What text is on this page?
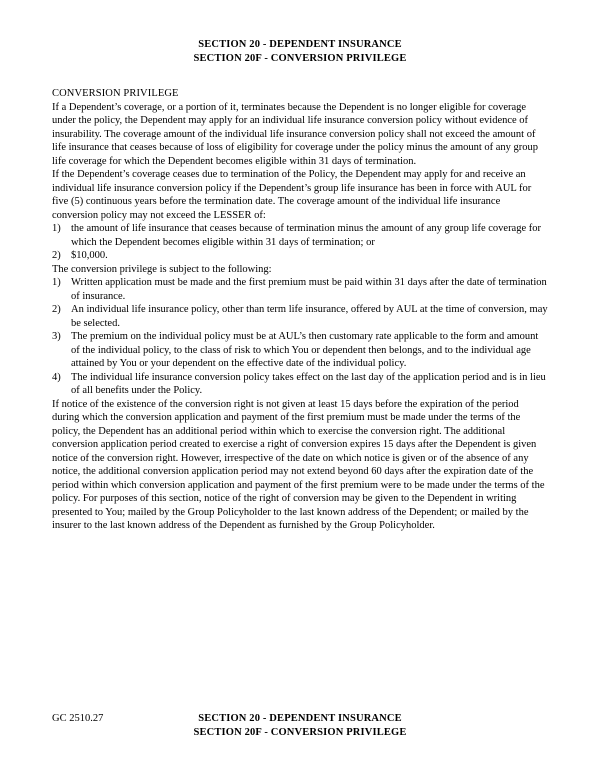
SECTION 20 - DEPENDENT INSURANCE
SECTION 20F - CONVERSION PRIVILEGE
CONVERSION PRIVILEGE

If a Dependent’s coverage, or a portion of it, terminates because the Dependent is no longer eligible for coverage under the policy, the Dependent may apply for an individual life insurance conversion policy without evidence of insurability. The coverage amount of the individual life insurance conversion policy shall not exceed the amount of life insurance that ceases because of loss of eligibility for coverage under the policy minus the amount of any group life coverage for which the Dependent becomes eligible within 31 days of termination.

If the Dependent’s coverage ceases due to termination of the Policy, the Dependent may apply for and receive an individual life insurance conversion policy if the Dependent’s group life insurance has been in force with AUL for five (5) continuous years before the termination date. The coverage amount of the individual life insurance conversion policy may not exceed the LESSER of:

1) the amount of life insurance that ceases because of termination minus the amount of any group life coverage for which the Dependent becomes eligible within 31 days of termination; or
2) $10,000.

The conversion privilege is subject to the following:

1) Written application must be made and the first premium must be paid within 31 days after the date of termination of insurance.
2) An individual life insurance policy, other than term life insurance, offered by AUL at the time of conversion, may be selected.
3) The premium on the individual policy must be at AUL’s then customary rate applicable to the form and amount of the individual policy, to the class of risk to which You or dependent then belongs, and to the individual age attained by You or your dependent on the effective date of the individual policy.
4) The individual life insurance conversion policy takes effect on the last day of the application period and is in lieu of all benefits under the Policy.

If notice of the existence of the conversion right is not given at least 15 days before the expiration of the period during which the conversion application and payment of the first premium must be made under the terms of the policy, the Dependent has an additional period within which to exercise the conversion right. The additional conversion application period created to exercise a right of conversion expires 15 days after the Dependent is given notice of the conversion right. However, irrespective of the date on which notice is given or of the absence of any notice, the additional conversion application period may not extend beyond 60 days after the expiration date of the period within which conversion application and payment of the first premium were to be made under the terms of the policy. For purposes of this section, notice of the right of conversion may be given to the Dependent in writing presented to You; mailed by the Group Policyholder to the last known address of the Dependent; or mailed by the insurer to the last known address of the Dependent as furnished by the Group Policyholder.

GC 2510.27	SECTION 20 - DEPENDENT INSURANCE
SECTION 20F - CONVERSION PRIVILEGE
